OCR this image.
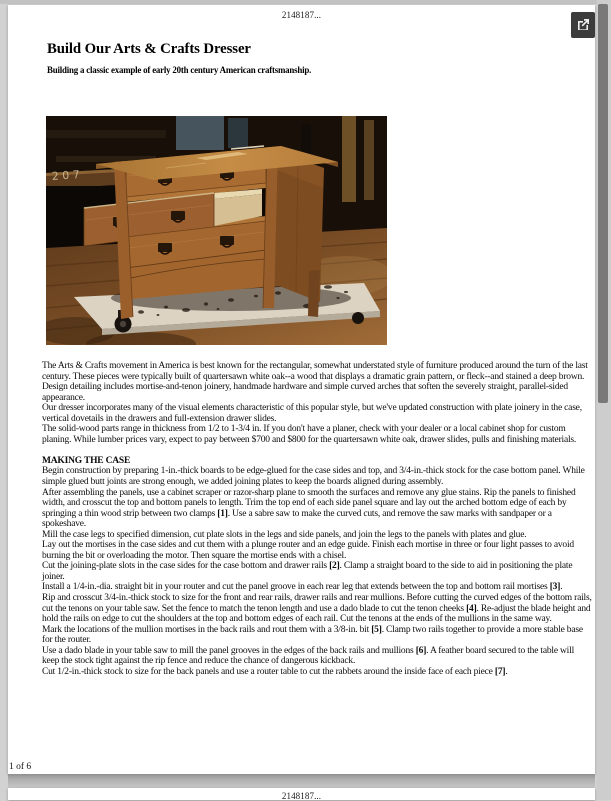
2148187...
Build Our Arts & Crafts Dresser
Building a classic example of early 20th century American craftsmanship.
2 0 7

The Arts & Crafts movement in America is best known for the rectangular, somewhat understated style of furniture produced around the turn of the last century. These pieces were typically built of quartersawn white oak--a wood that displays a dramatic grain pattern, or fleck--and stained a deep brown. Design detailing includes mortise-and-tenon joinery, handmade hardware and simple curved arches that soften the severely straight, parallel-sided appearance.

Our dresser incorporates many of the visual elements characteristic of this popular style, but we've updated construction with plate joinery in the case, vertical dovetails in the drawers and full-extension drawer slides.

The solid-wood parts range in thickness from 1/2 to 1-3/4 in. If you don't have a planer, check with your dealer or a local cabinet shop for custom planing. While lumber prices vary, expect to pay between $700 and $800 for the quartersawn white oak, drawer slides, pulls and finishing materials.

MAKING THE CASE

Begin construction by preparing 1-in.-thick boards to be edge-glued for the case sides and top, and 3/4-in.-thick stock for the case bottom panel. While simple glued butt joints are strong enough, we added joining plates to keep the boards aligned during assembly.

After assembling the panels, use a cabinet scraper or razor-sharp plane to smooth the surfaces and remove any glue stains. Rip the panels to finished width, and crosscut the top and bottom panels to length. Trim the top end of each side panel square and lay out the arched bottom edge of each by springing a thin wood strip between two clamps [1]. Use a sabre saw to make the curved cuts, and remove the saw marks with sandpaper or a spokeshave.

Mill the case legs to specified dimension, cut plate slots in the legs and side panels, and join the legs to the panels with plates and glue.

Lay out the mortises in the case sides and cut them with a plunge router and an edge guide. Finish each mortise in three or four light passes to avoid burning the bit or overloading the motor. Then square the mortise ends with a chisel.

Cut the joining-plate slots in the case sides for the case bottom and drawer rails [2]. Clamp a straight board to the side to aid in positioning the plate joiner.

Install a 1/4-in.-dia. straight bit in your router and cut the panel groove in each rear leg that extends between the top and bottom rail mortises [3].

Rip and crosscut 3/4-in.-thick stock to size for the front and rear rails, drawer rails and rear mullions. Before cutting the curved edges of the bottom rails, cut the tenons on your table saw. Set the fence to match the tenon length and use a dado blade to cut the tenon cheeks [4]. Re-adjust the blade height and hold the rails on edge to cut the shoulders at the top and bottom edges of each rail. Cut the tenons at the ends of the mullions in the same way.

Mark the locations of the mullion mortises in the back rails and rout them with a 3/8-in. bit [5]. Clamp two rails together to provide a more stable base for the router.

Use a dado blade in your table saw to mill the panel grooves in the edges of the back rails and mullions [6]. A feather board secured to the table will keep the stock tight against the rip fence and reduce the chance of dangerous kickback.

Cut 1/2-in.-thick stock to size for the back panels and use a router table to cut the rabbets around the inside face of each piece [7].

1 of 6
2148187...
